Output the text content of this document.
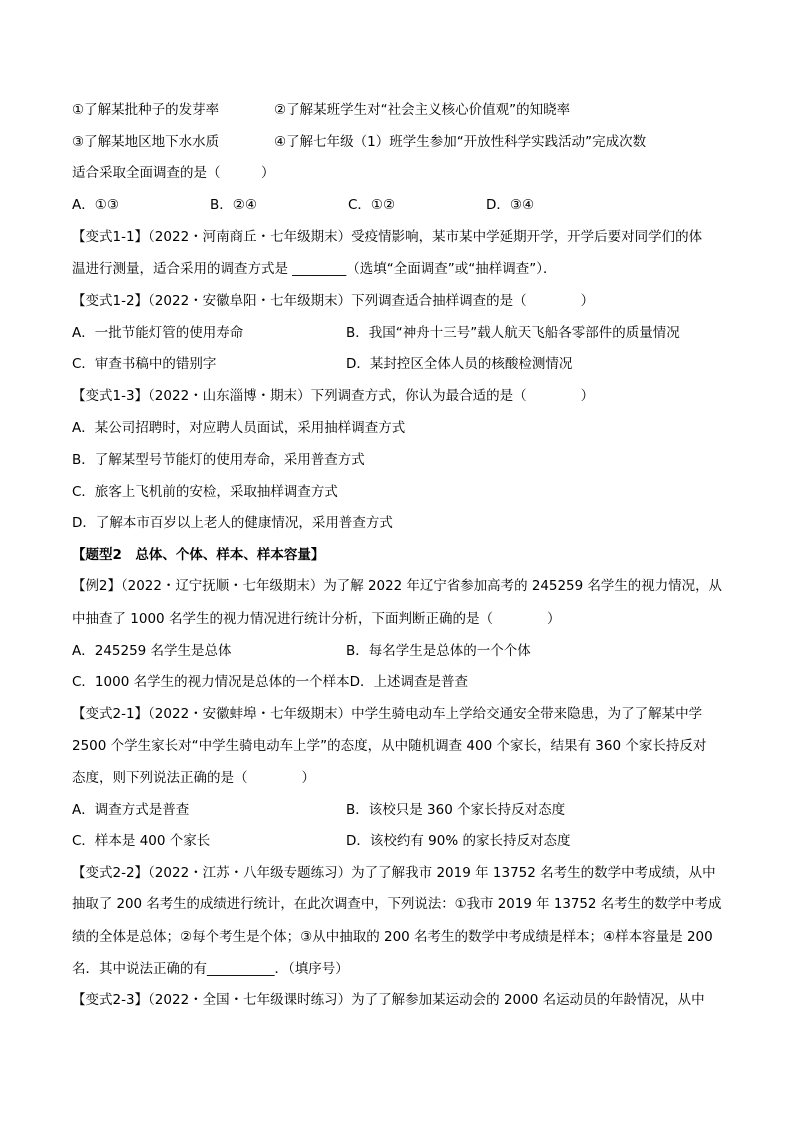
①了解某批种子的发芽率	②了解某班学生对“社会主义核心价值观”的知晓率
③了解某地区地下水水质	④了解七年级（1）班学生参加“开放性科学实践活动”完成次数
适合采取全面调查的是（　　　）
A．①③	B．②④	C．①②	D．③④
【变式1-1】（2022・河南商丘・七年级期末）受疫情影响，某市某中学延期开学，开学后要对同学们的体
温进行测量，适合采用的调查方式是 ________（选填“全面调查”或“抽样调查”）．
【变式1-2】（2022・安徽阜阳・七年级期末）下列调查适合抽样调查的是（　　　　）
A．一批节能灯管的使用寿命	B．我国“神舟十三号”载人航天飞船各零部件的质量情况
C．审查书稿中的错别字	D．某封控区全体人员的核酸检测情况
【变式1-3】（2022・山东淄博・期末）下列调查方式，你认为最合适的是（　　　　）
A．某公司招聘时，对应聘人员面试，采用抽样调查方式
B．了解某型号节能灯的使用寿命，采用普查方式
C．旅客上飞机前的安检，采取抽样调查方式
D．了解本市百岁以上老人的健康情况，采用普查方式
【题型2　总体、个体、样本、样本容量】
【例2】（2022・辽宁抚顺・七年级期末）为了解 2022 年辽宁省参加高考的 245259 名学生的视力情况，从
中抽查了 1000 名学生的视力情况进行统计分析，下面判断正确的是（　　　　）
A．245259 名学生是总体	B．每名学生是总体的一个个体
C．1000 名学生的视力情况是总体的一个样本D．上述调查是普查
【变式2-1】（2022・安徽蚌埠・七年级期末）中学生骑电动车上学给交通安全带来隐患，为了了解某中学
2500 个学生家长对“中学生骑电动车上学”的态度，从中随机调查 400 个家长，结果有 360 个家长持反对
态度，则下列说法正确的是（　　　　）
A．调查方式是普查	B．该校只是 360 个家长持反对态度
C．样本是 400 个家长	D．该校约有 90% 的家长持反对态度
【变式2-2】（2022・江苏・八年级专题练习）为了了解我市 2019 年 13752 名考生的数学中考成绩，从中
抽取了 200 名考生的成绩进行统计，在此次调查中，下列说法：①我市 2019 年 13752 名考生的数学中考成
绩的全体是总体；②每个考生是个体；③从中抽取的 200 名考生的数学中考成绩是样本；④样本容量是 200
名．其中说法正确的有__________．（填序号）
【变式2-3】（2022・全国・七年级课时练习）为了了解参加某运动会的 2000 名运动员的年龄情况，从中
